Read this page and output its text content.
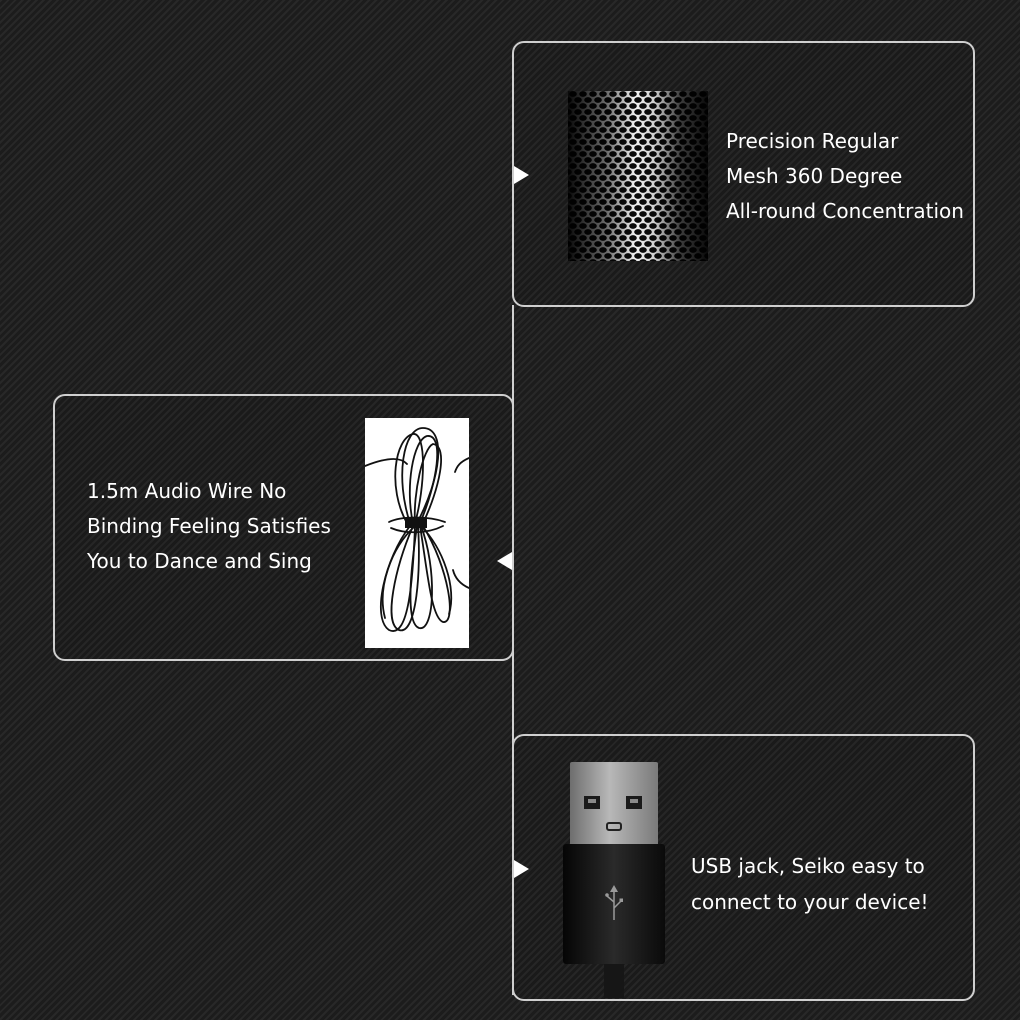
Precision Regular
Mesh 360 Degree
All-round Concentration
1.5m Audio Wire No
Binding Feeling Satisfies
You to Dance and Sing
USB jack, Seiko easy to
connect to your device!
